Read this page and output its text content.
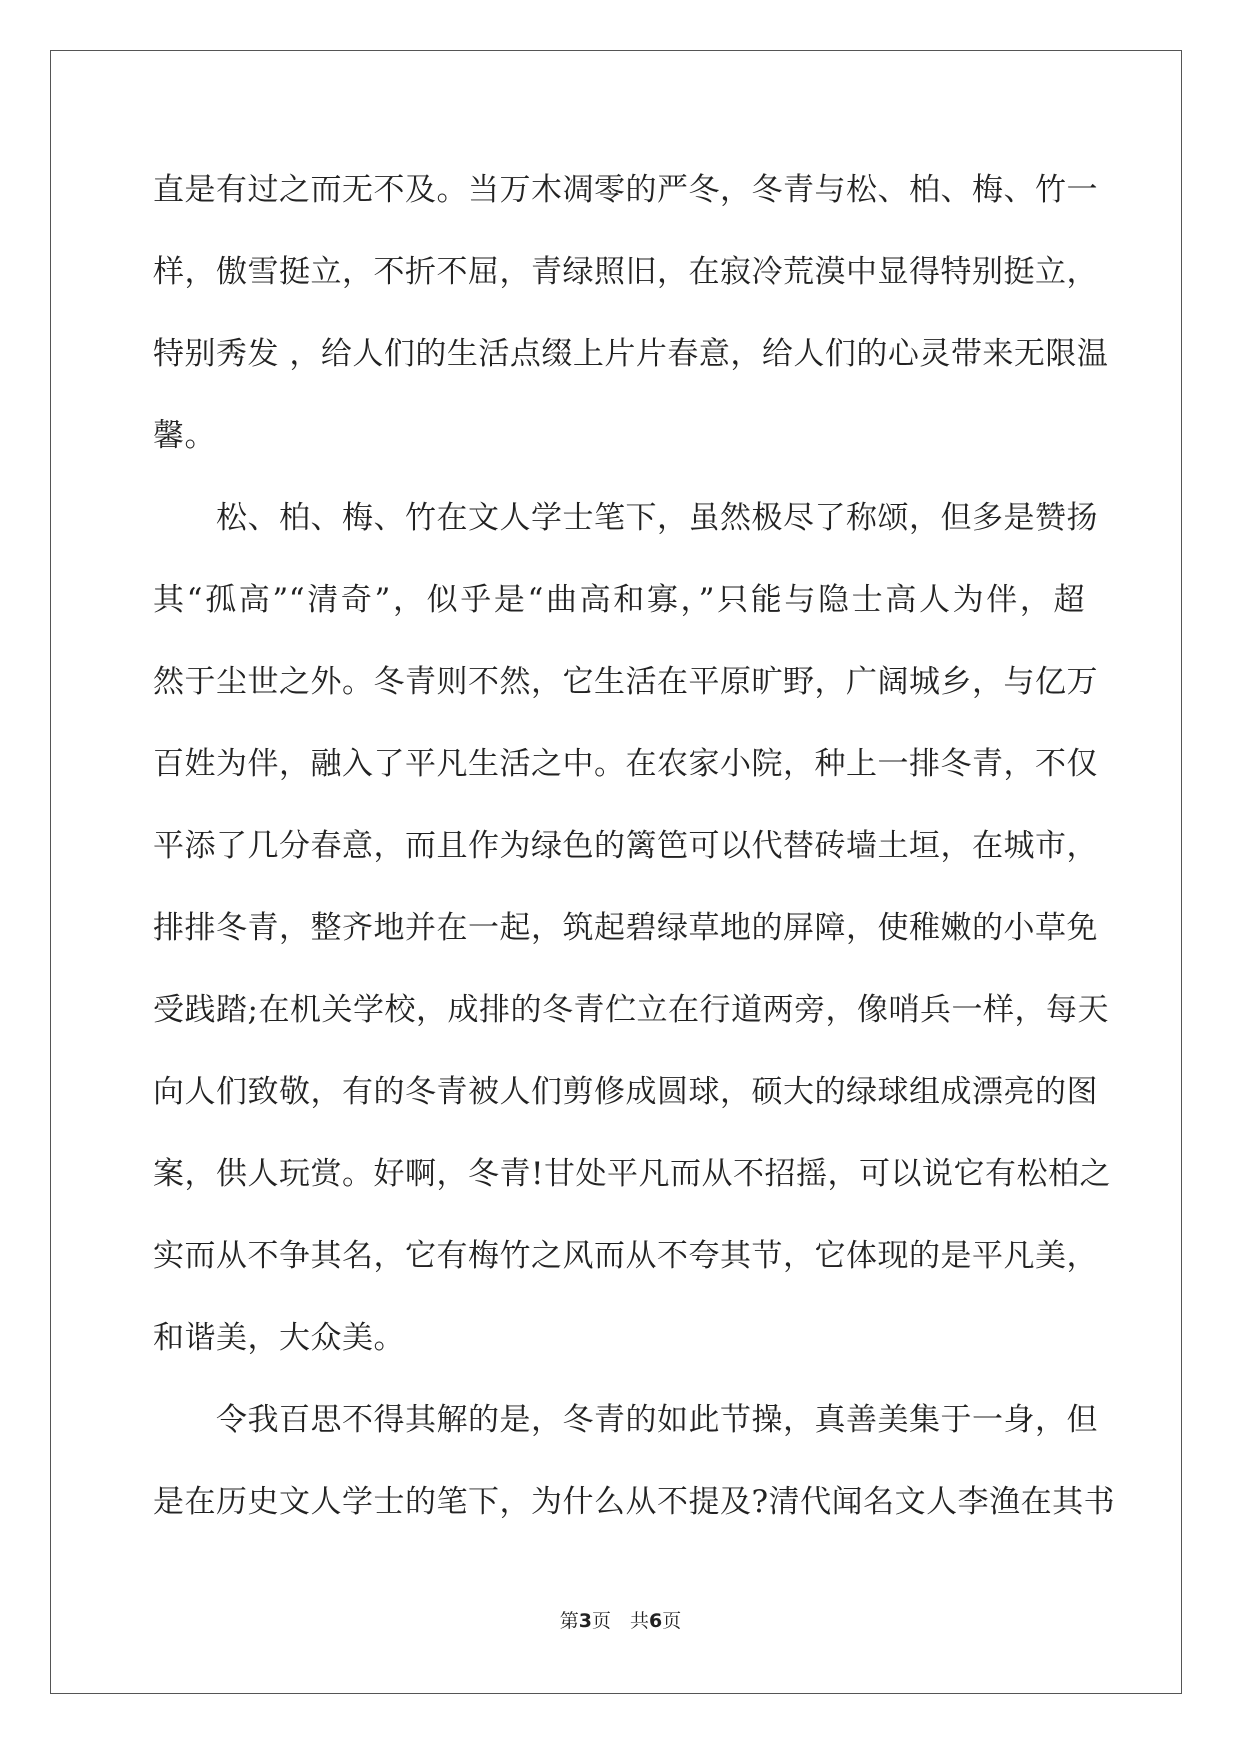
直是有过之而无不及。当万木凋零的严冬，冬青与松、柏、梅、竹一
样，傲雪挺立，不折不屈，青绿照旧，在寂冷荒漠中显得特别挺立，
特别秀发 ，给人们的生活点缀上片片春意，给人们的心灵带来无限温
馨。
　　松、柏、梅、竹在文人学士笔下，虽然极尽了称颂，但多是赞扬
其“孤高”“清奇”，似乎是“曲高和寡，”只能与隐士高人为伴，超
然于尘世之外。冬青则不然，它生活在平原旷野，广阔城乡，与亿万
百姓为伴，融入了平凡生活之中。在农家小院，种上一排冬青，不仅
平添了几分春意，而且作为绿色的篱笆可以代替砖墙土垣，在城市，
排排冬青，整齐地并在一起，筑起碧绿草地的屏障，使稚嫩的小草免
受践踏;在机关学校，成排的冬青伫立在行道两旁，像哨兵一样，每天
向人们致敬，有的冬青被人们剪修成圆球，硕大的绿球组成漂亮的图
案，供人玩赏。好啊，冬青!甘处平凡而从不招摇，可以说它有松柏之
实而从不争其名，它有梅竹之风而从不夸其节，它体现的是平凡美，
和谐美，大众美。
　　令我百思不得其解的是，冬青的如此节操，真善美集于一身，但
是在历史文人学士的笔下，为什么从不提及?清代闻名文人李渔在其书
第3页　共6页
